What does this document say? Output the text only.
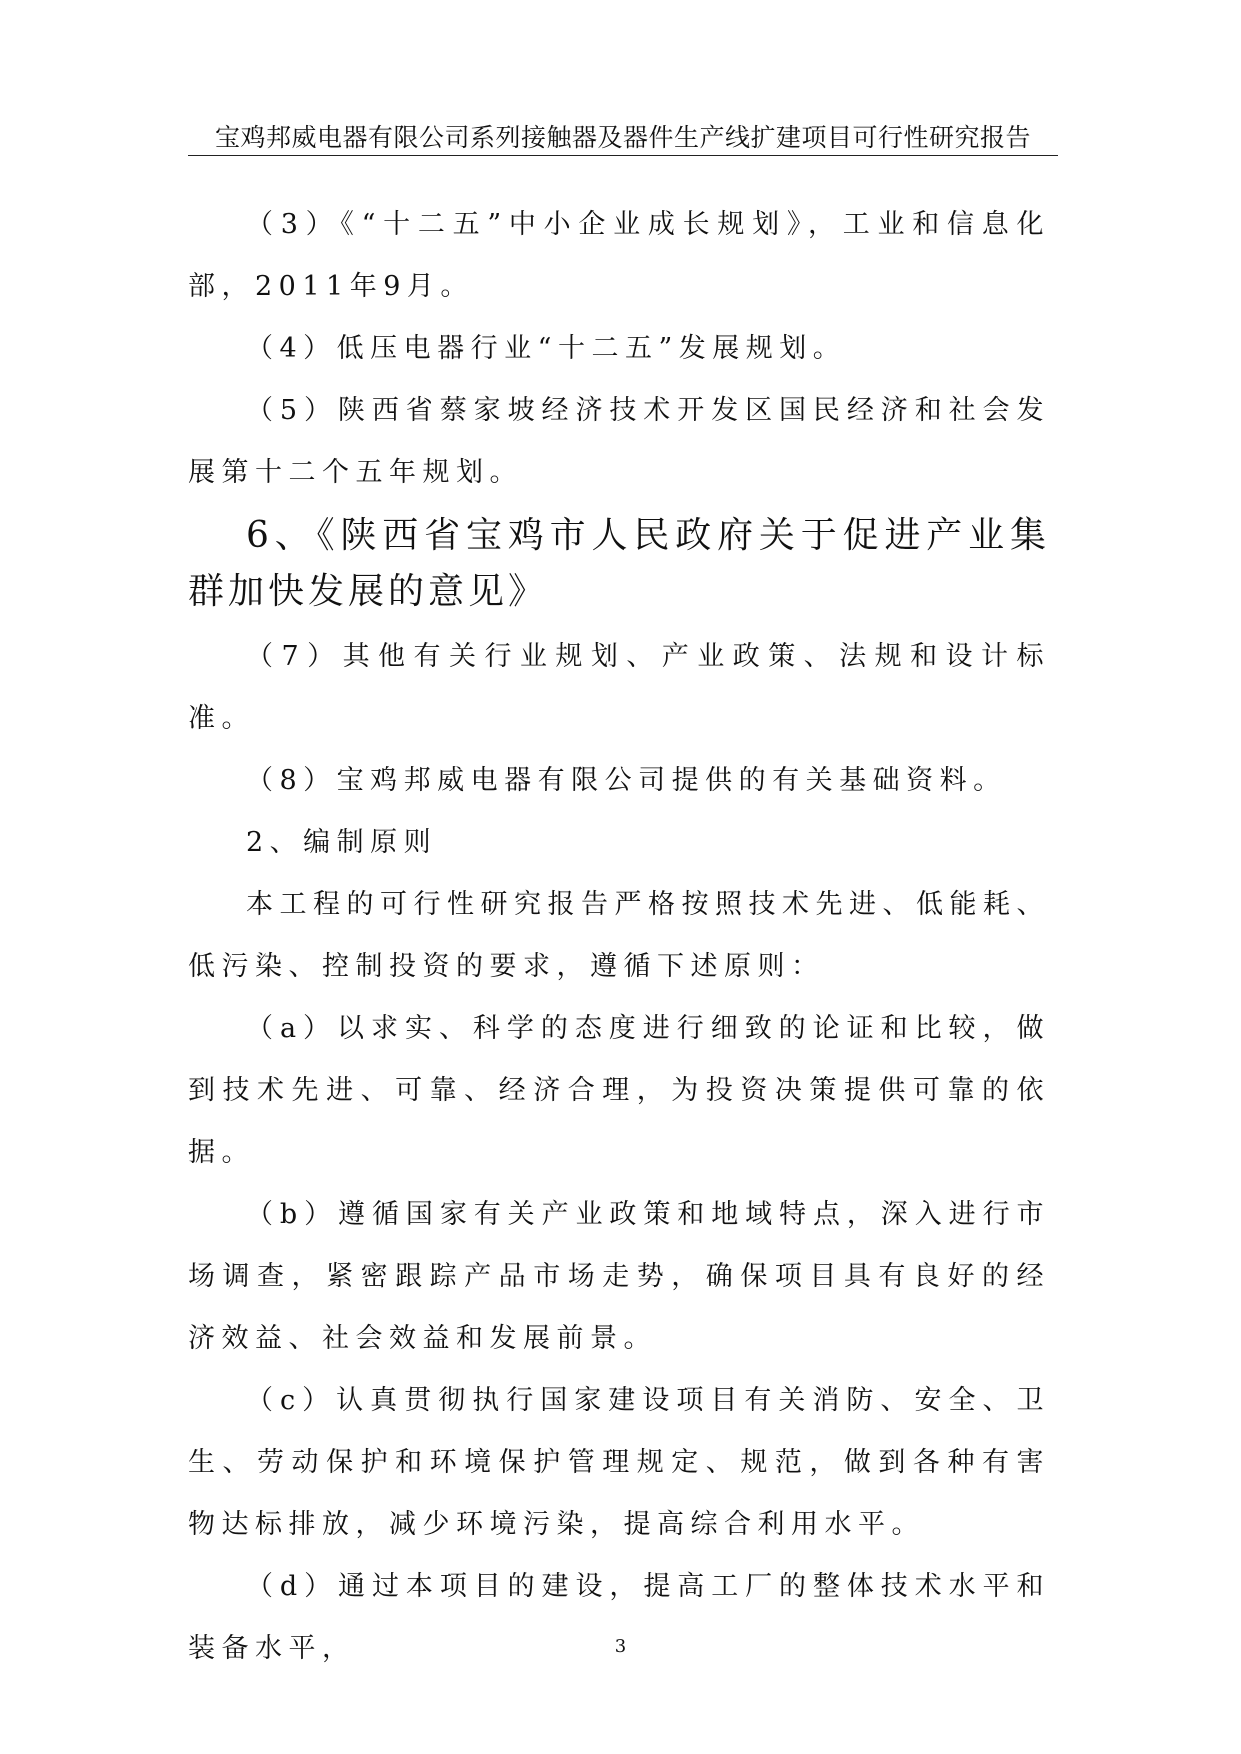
宝鸡邦威电器有限公司系列接触器及器件生产线扩建项目可行性研究报告

（3）《“十二五”中小企业成长规划》，工业和信息化部，2011年9月。

（4）低压电器行业“十二五”发展规划。

（5）陕西省蔡家坡经济技术开发区国民经济和社会发展第十二个五年规划。

6、《陕西省宝鸡市人民政府关于促进产业集群加快发展的意见》

（7）其他有关行业规划、产业政策、法规和设计标准。

（8）宝鸡邦威电器有限公司提供的有关基础资料。

2、编制原则

本工程的可行性研究报告严格按照技术先进、低能耗、低污染、控制投资的要求，遵循下述原则：

（a）以求实、科学的态度进行细致的论证和比较，做到技术先进、可靠、经济合理，为投资决策提供可靠的依据。

（b）遵循国家有关产业政策和地域特点，深入进行市场调查，紧密跟踪产品市场走势，确保项目具有良好的经济效益、社会效益和发展前景。

（c）认真贯彻执行国家建设项目有关消防、安全、卫生、劳动保护和环境保护管理规定、规范，做到各种有害物达标排放，减少环境污染，提高综合利用水平。

（d）通过本项目的建设，提高工厂的整体技术水平和装备水平，	3
